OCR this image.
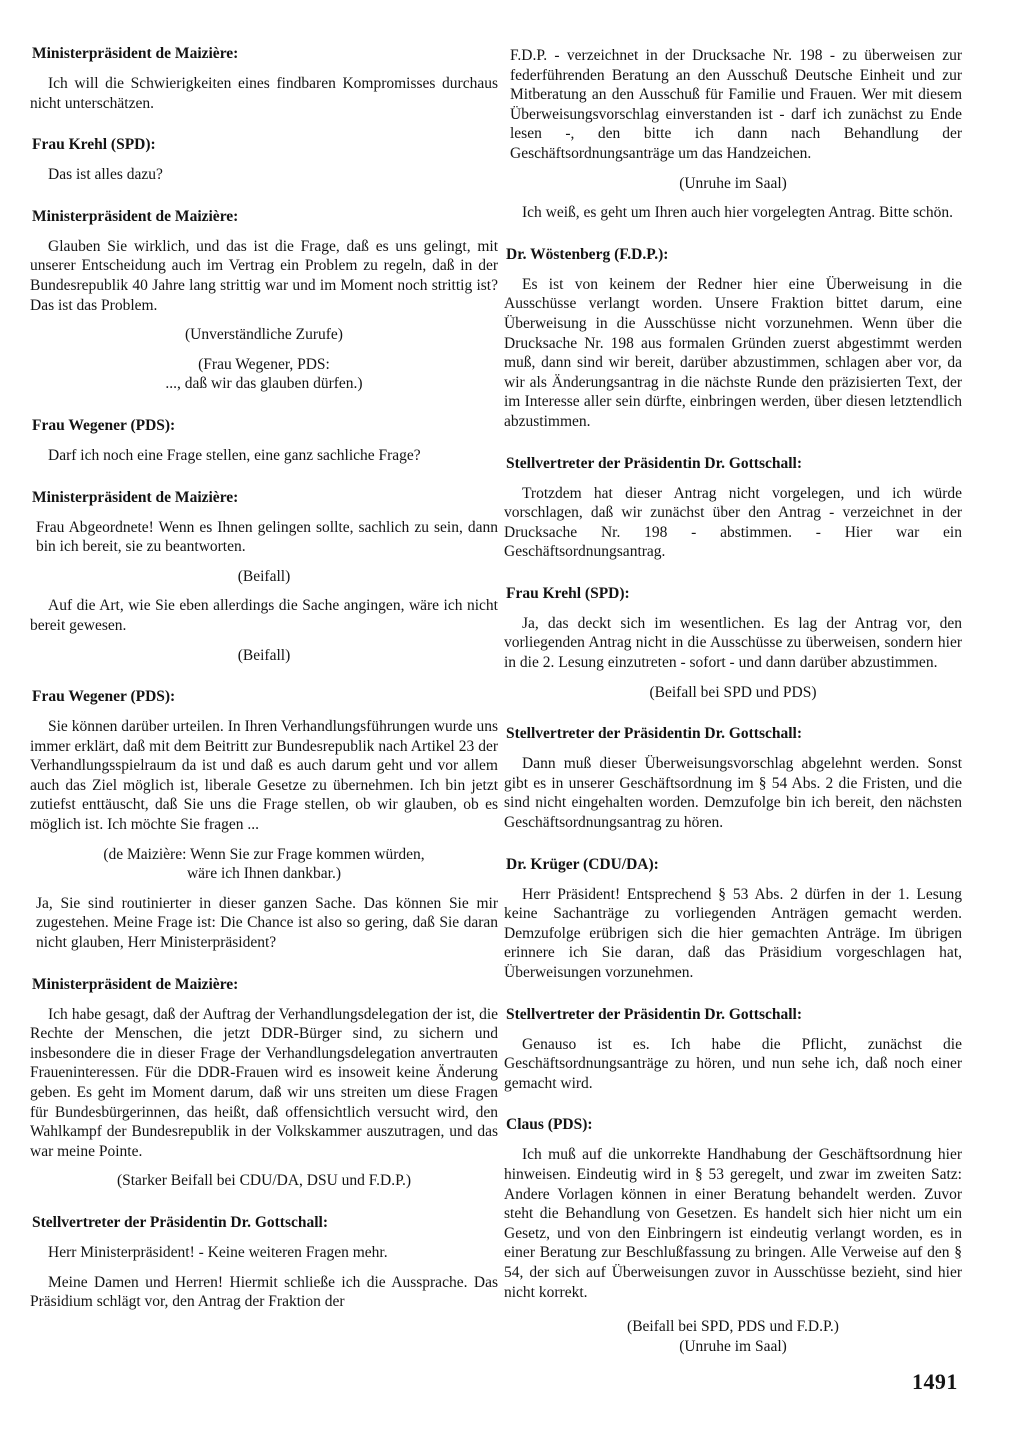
Ministerpräsident de Maizière:

Ich will die Schwierigkeiten eines findbaren Kompromisses durchaus nicht unterschätzen.

Frau Krehl (SPD):

Das ist alles dazu?

Ministerpräsident de Maizière:

Glauben Sie wirklich, und das ist die Frage, daß es uns gelingt, mit unserer Entscheidung auch im Vertrag ein Problem zu regeln, daß in der Bundesrepublik 40 Jahre lang strittig war und im Moment noch strittig ist? Das ist das Problem.

(Unverständliche Zurufe)

(Frau Wegener, PDS:

..., daß wir das glauben dürfen.)

Frau Wegener (PDS):

Darf ich noch eine Frage stellen, eine ganz sachliche Frage?

Ministerpräsident de Maizière:

Frau Abgeordnete! Wenn es Ihnen gelingen sollte, sachlich zu sein, dann bin ich bereit, sie zu beantworten.

(Beifall)

Auf die Art, wie Sie eben allerdings die Sache angingen, wäre ich nicht bereit gewesen.

(Beifall)

Frau Wegener (PDS):

Sie können darüber urteilen. In Ihren Verhandlungsführungen wurde uns immer erklärt, daß mit dem Beitritt zur Bundesrepublik nach Artikel 23 der Verhandlungsspielraum da ist und daß es auch darum geht und vor allem auch das Ziel möglich ist, liberale Gesetze zu übernehmen. Ich bin jetzt zutiefst enttäuscht, daß Sie uns die Frage stellen, ob wir glauben, ob es möglich ist. Ich möchte Sie fragen ...

(de Maizière: Wenn Sie zur Frage kommen würden,

wäre ich Ihnen dankbar.)

Ja, Sie sind routinierter in dieser ganzen Sache. Das können Sie mir zugestehen. Meine Frage ist: Die Chance ist also so gering, daß Sie daran nicht glauben, Herr Ministerpräsident?

Ministerpräsident de Maizière:

Ich habe gesagt, daß der Auftrag der Verhandlungsdelegation der ist, die Rechte der Menschen, die jetzt DDR-Bürger sind, zu sichern und insbesondere die in dieser Frage der Verhandlungsdelegation anvertrauten Fraueninteressen. Für die DDR-Frauen wird es insoweit keine Änderung geben. Es geht im Moment darum, daß wir uns streiten um diese Fragen für Bundesbürgerinnen, das heißt, daß offensichtlich versucht wird, den Wahlkampf der Bundesrepublik in der Volkskammer auszutragen, und das war meine Pointe.

(Starker Beifall bei CDU/DA, DSU und F.D.P.)

Stellvertreter der Präsidentin Dr. Gottschall:

Herr Ministerpräsident! - Keine weiteren Fragen mehr.

Meine Damen und Herren! Hiermit schließe ich die Aussprache. Das Präsidium schlägt vor, den Antrag der Fraktion der

F.D.P. - verzeichnet in der Drucksache Nr. 198 - zu überweisen zur federführenden Beratung an den Ausschuß Deutsche Einheit und zur Mitberatung an den Ausschuß für Familie und Frauen. Wer mit diesem Überweisungsvorschlag einverstanden ist - darf ich zunächst zu Ende lesen -, den bitte ich dann nach Behandlung der Geschäftsordnungsanträge um das Handzeichen.

(Unruhe im Saal)

Ich weiß, es geht um Ihren auch hier vorgelegten Antrag. Bitte schön.

Dr. Wöstenberg (F.D.P.):

Es ist von keinem der Redner hier eine Überweisung in die Ausschüsse verlangt worden. Unsere Fraktion bittet darum, eine Überweisung in die Ausschüsse nicht vorzunehmen. Wenn über die Drucksache Nr. 198 aus formalen Gründen zuerst abgestimmt werden muß, dann sind wir bereit, darüber abzustimmen, schlagen aber vor, da wir als Änderungsantrag in die nächste Runde den präzisierten Text, der im Interesse aller sein dürfte, einbringen werden, über diesen letztendlich abzustimmen.

Stellvertreter der Präsidentin Dr. Gottschall:

Trotzdem hat dieser Antrag nicht vorgelegen, und ich würde vorschlagen, daß wir zunächst über den Antrag - verzeichnet in der Drucksache Nr. 198 - abstimmen. - Hier war ein Geschäftsordnungsantrag.

Frau Krehl (SPD):

Ja, das deckt sich im wesentlichen. Es lag der Antrag vor, den vorliegenden Antrag nicht in die Ausschüsse zu überweisen, sondern hier in die 2. Lesung einzutreten - sofort - und dann darüber abzustimmen.

(Beifall bei SPD und PDS)

Stellvertreter der Präsidentin Dr. Gottschall:

Dann muß dieser Überweisungsvorschlag abgelehnt werden. Sonst gibt es in unserer Geschäftsordnung im § 54 Abs. 2 die Fristen, und die sind nicht eingehalten worden. Demzufolge bin ich bereit, den nächsten Geschäftsordnungsantrag zu hören.

Dr. Krüger (CDU/DA):

Herr Präsident! Entsprechend § 53 Abs. 2 dürfen in der 1. Lesung keine Sachanträge zu vorliegenden Anträgen gemacht werden. Demzufolge erübrigen sich die hier gemachten Anträge. Im übrigen erinnere ich Sie daran, daß das Präsidium vorgeschlagen hat, Überweisungen vorzunehmen.

Stellvertreter der Präsidentin Dr. Gottschall:

Genauso ist es. Ich habe die Pflicht, zunächst die Geschäftsordnungsanträge zu hören, und nun sehe ich, daß noch einer gemacht wird.

Claus (PDS):

Ich muß auf die unkorrekte Handhabung der Geschäftsordnung hier hinweisen. Eindeutig wird in § 53 geregelt, und zwar im zweiten Satz: Andere Vorlagen können in einer Beratung behandelt werden. Zuvor steht die Behandlung von Gesetzen. Es handelt sich hier nicht um ein Gesetz, und von den Einbringern ist eindeutig verlangt worden, es in einer Beratung zur Beschlußfassung zu bringen. Alle Verweise auf den § 54, der sich auf Überweisungen zuvor in Ausschüsse bezieht, sind hier nicht korrekt.

(Beifall bei SPD, PDS und F.D.P.)

(Unruhe im Saal)

1491
